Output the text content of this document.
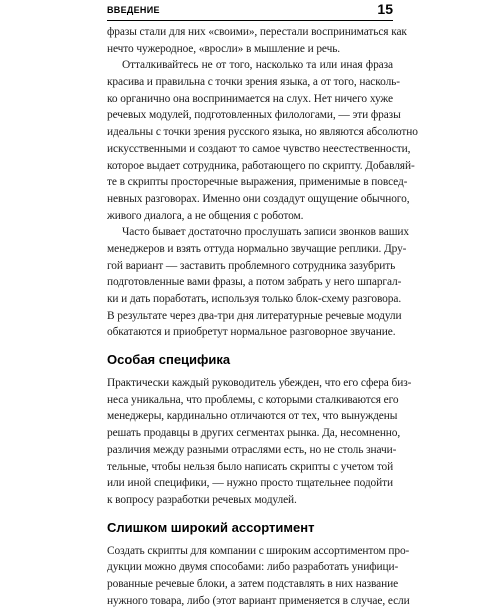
ВВЕДЕНИЕ	15
фразы стали для них «своими», перестали восприниматься как
нечто чужеродное, «вросли» в мышление и речь.
Отталкивайтесь не от того, насколько та или иная фраза
красива и правильна с точки зрения языка, а от того, насколь-
ко органично она воспринимается на слух. Нет ничего хуже
речевых модулей, подготовленных филологами, — эти фразы
идеальны с точки зрения русского языка, но являются абсолютно
искусственными и создают то самое чувство неестественности,
которое выдает сотрудника, работающего по скрипту. Добавляй-
те в скрипты просторечные выражения, применимые в повсед-
невных разговорах. Именно они создадут ощущение обычного,
живого диалога, а не общения с роботом.
Часто бывает достаточно прослушать записи звонков ваших
менеджеров и взять оттуда нормально звучащие реплики. Дру-
гой вариант — заставить проблемного сотрудника зазубрить
подготовленные вами фразы, а потом забрать у него шпаргал-
ки и дать поработать, используя только блок-схему разговора.
В результате через два-три дня литературные речевые модули
обкатаются и приобретут нормальное разговорное звучание.
Особая специфика
Практически каждый руководитель убежден, что его сфера биз-
неса уникальна, что проблемы, с которыми сталкиваются его
менеджеры, кардинально отличаются от тех, что вынуждены
решать продавцы в других сегментах рынка. Да, несомненно,
различия между разными отраслями есть, но не столь значи-
тельные, чтобы нельзя было написать скрипты с учетом той
или иной специфики, — нужно просто тщательнее подойти
к вопросу разработки речевых модулей.
Слишком широкий ассортимент
Создать скрипты для компании с широким ассортиментом про-
дукции можно двумя способами: либо разработать унифици-
рованные речевые блоки, а затем подставлять в них название
нужного товара, либо (этот вариант применяется в случае, если
